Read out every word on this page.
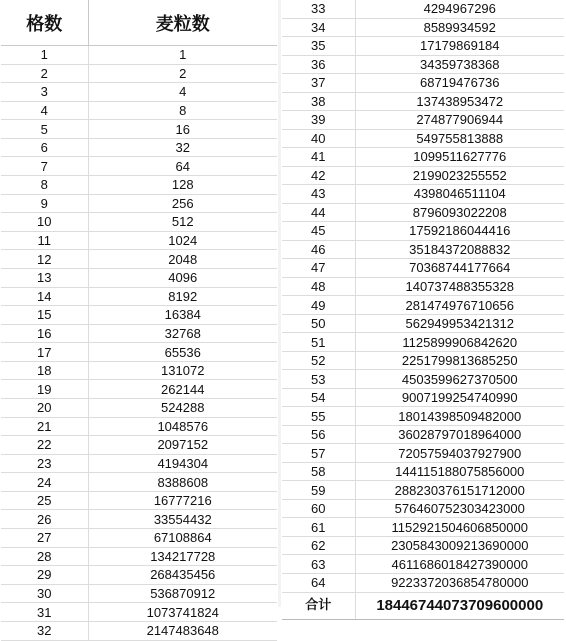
格数	麦粒数
1	1
2	2
3	4
4	8
5	16
6	32
7	64
8	128
9	256
10	512
11	1024
12	2048
13	4096
14	8192
15	16384
16	32768
17	65536
18	131072
19	262144
20	524288
21	1048576
22	2097152
23	4194304
24	8388608
25	16777216
26	33554432
27	67108864
28	134217728
29	268435456
30	536870912
31	1073741824
32	2147483648
33	4294967296
34	8589934592
35	17179869184
36	34359738368
37	68719476736
38	137438953472
39	274877906944
40	549755813888
41	1099511627776
42	2199023255552
43	4398046511104
44	8796093022208
45	17592186044416
46	35184372088832
47	70368744177664
48	140737488355328
49	281474976710656
50	562949953421312
51	1125899906842620
52	2251799813685250
53	4503599627370500
54	9007199254740990
55	18014398509482000
56	36028797018964000
57	72057594037927900
58	144115188075856000
59	288230376151712000
60	576460752303423000
61	1152921504606850000
62	2305843009213690000
63	4611686018427390000
64	9223372036854780000
合计	18446744073709600000
